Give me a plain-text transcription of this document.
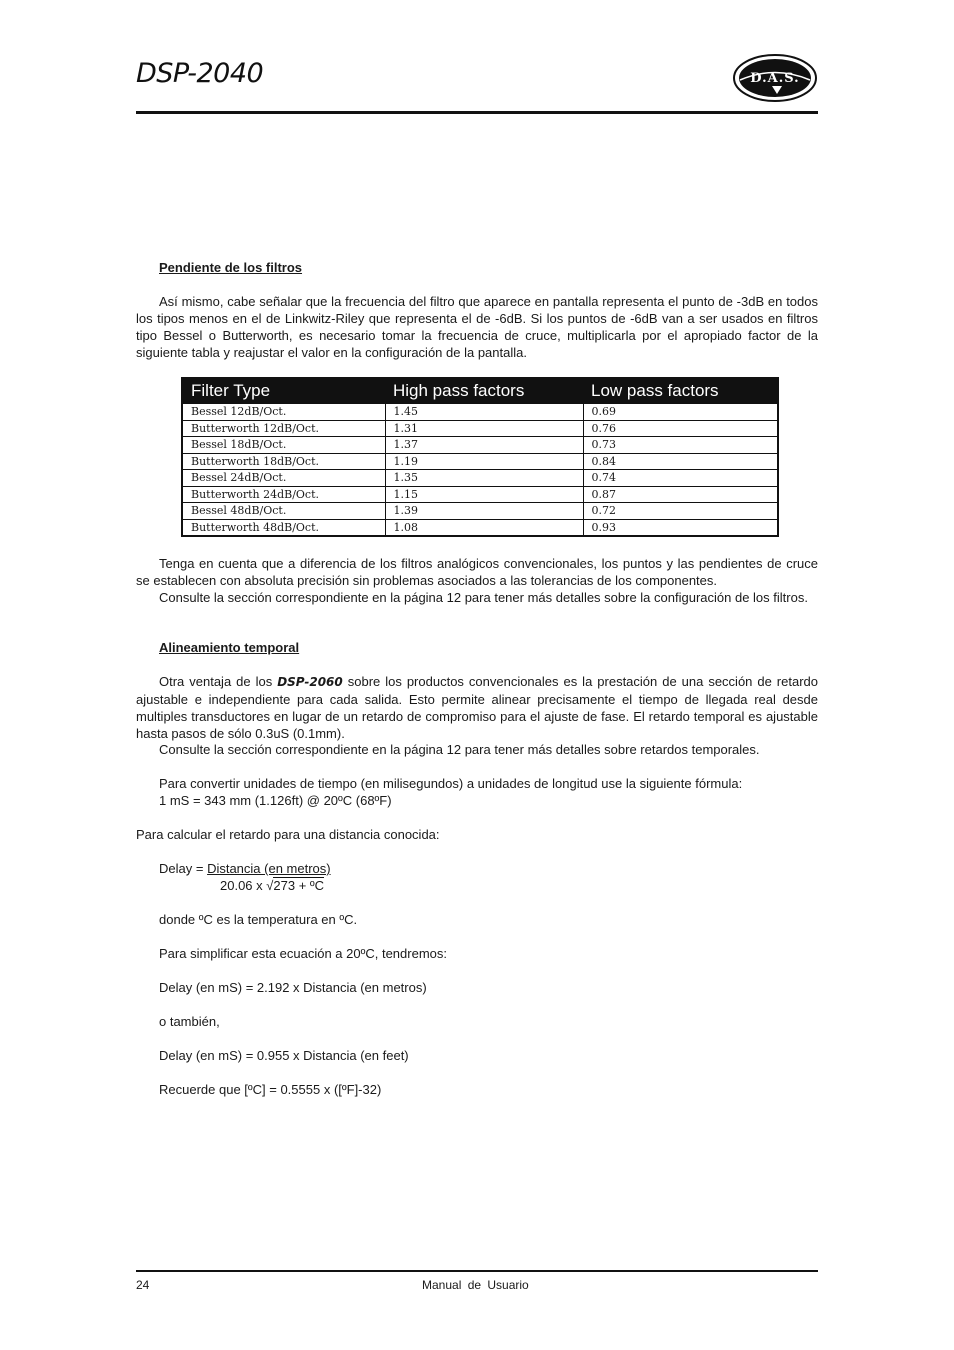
DSP-2040	D.A.S.
Pendiente de los filtros
Así mismo, cabe señalar que la frecuencia del filtro que aparece en pantalla representa el punto de -3dB en todos los tipos menos en el de Linkwitz-Riley que representa el de -6dB. Si los puntos de -6dB van a ser usados en filtros tipo Bessel o Butterworth, es necesario tomar la frecuencia de cruce, multiplicarla por el apropiado factor de la siguiente tabla y reajustar el valor en la configuración de la pantalla.
Tenga en cuenta que a diferencia de los filtros analógicos convencionales, los puntos y las pendientes de cruce se establecen con absoluta precisión sin problemas asociados a las tolerancias de los componentes.
Consulte la sección correspondiente en la página 12 para tener más detalles sobre la configuración de los filtros.
Alineamiento temporal
Otra ventaja de los DSP-2060 sobre los productos convencionales es la prestación de una sección de retardo ajustable e independiente para cada salida. Esto permite alinear precisamente el tiempo de llegada real desde multiples transductores en lugar de un retardo de compromiso para el ajuste de fase. El retardo temporal es ajustable hasta pasos de sólo 0.3uS (0.1mm).
Consulte la sección correspondiente en la página 12 para tener más detalles sobre retardos temporales.
Para convertir unidades de tiempo (en milisegundos) a unidades de longitud use la siguiente fórmula:
1 mS = 343 mm (1.126ft) @ 20ºC (68ºF)
Para calcular el retardo para una distancia conocida:
Delay = Distancia (en metros)
20.06 x √273 + ºC
donde ºC es la temperatura en ºC.
Para simplificar esta ecuación a 20ºC, tendremos:
Delay (en mS) = 2.192 x Distancia (en metros)
o también,
Delay (en mS) = 0.955 x Distancia (en feet)
Recuerde que [ºC] = 0.5555 x ([ºF]-32)
Filter Type	High pass factors	Low pass factors
Bessel 12dB/Oct.	1.45	0.69
Butterworth 12dB/Oct.	1.31	0.76
Bessel 18dB/Oct.	1.37	0.73
Butterworth 18dB/Oct.	1.19	0.84
Bessel 24dB/Oct.	1.35	0.74
Butterworth 24dB/Oct.	1.15	0.87
Bessel 48dB/Oct.	1.39	0.72
Butterworth 48dB/Oct.	1.08	0.93
24	Manual de Usuario
